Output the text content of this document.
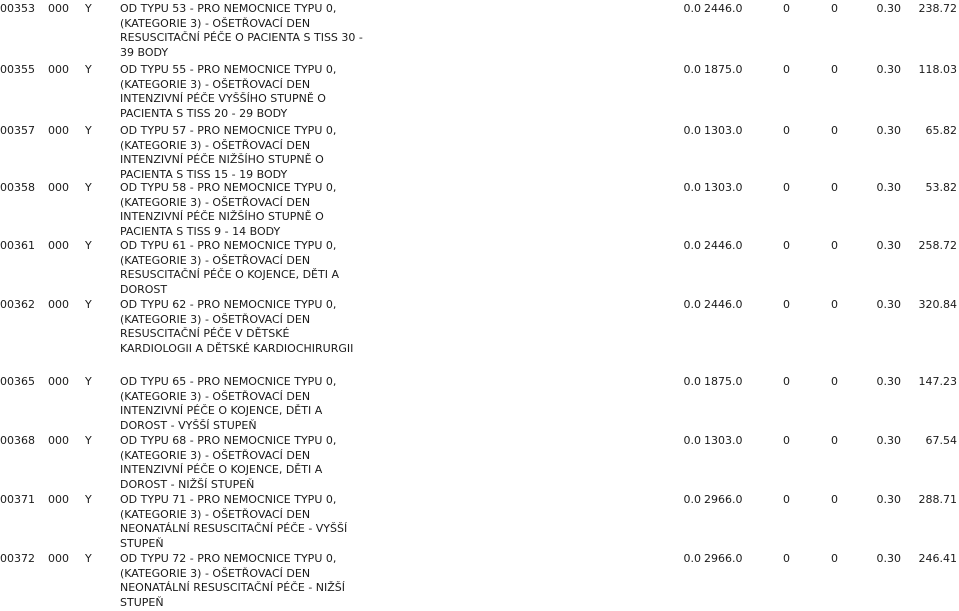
00353	000	Y	OD TYPU 53 - PRO NEMOCNICE TYPU 0,
(KATEGORIE 3) - OŠETŘOVACÍ DEN
RESUSCITAČNÍ PÉČE O PACIENTA S TISS 30 -
39 BODY
0.0 2446.0	0	0	0.30	238.72
00355	000	Y	OD TYPU 55 - PRO NEMOCNICE TYPU 0,
(KATEGORIE 3) - OŠETŘOVACÍ DEN
INTENZIVNÍ PÉČE VYŠŠÍHO STUPNĚ O
PACIENTA S TISS 20 - 29 BODY
0.0 1875.0	0	0	0.30	118.03
00357	000	Y	OD TYPU 57 - PRO NEMOCNICE TYPU 0,
(KATEGORIE 3) - OŠETŘOVACÍ DEN
INTENZIVNÍ PÉČE NIŽŠÍHO STUPNĚ O
PACIENTA S TISS 15 - 19 BODY
0.0 1303.0	0	0	0.30	65.82
00358	000	Y	OD TYPU 58 - PRO NEMOCNICE TYPU 0,
(KATEGORIE 3) - OŠETŘOVACÍ DEN
INTENZIVNÍ PÉČE NIŽŠÍHO STUPNĚ O
PACIENTA S TISS 9 - 14 BODY
0.0 1303.0	0	0	0.30	53.82
00361	000	Y	OD TYPU 61 - PRO NEMOCNICE TYPU 0,
(KATEGORIE 3) - OŠETŘOVACÍ DEN
RESUSCITAČNÍ PÉČE O KOJENCE, DĚTI A
DOROST
0.0 2446.0	0	0	0.30	258.72
00362	000	Y	OD TYPU 62 - PRO NEMOCNICE TYPU 0,
(KATEGORIE 3) - OŠETŘOVACÍ DEN
RESUSCITAČNÍ PÉČE V DĚTSKÉ
KARDIOLOGII A DĚTSKÉ KARDIOCHIRURGII
0.0 2446.0	0	0	0.30	320.84
00365	000	Y	OD TYPU 65 - PRO NEMOCNICE TYPU 0,
(KATEGORIE 3) - OŠETŘOVACÍ DEN
INTENZIVNÍ PÉČE O KOJENCE, DĚTI A
DOROST - VYŠŠÍ STUPEŇ
0.0 1875.0	0	0	0.30	147.23
00368	000	Y	OD TYPU 68 - PRO NEMOCNICE TYPU 0,
(KATEGORIE 3) - OŠETŘOVACÍ DEN
INTENZIVNÍ PÉČE O KOJENCE, DĚTI A
DOROST - NIŽŠÍ STUPEŇ
0.0 1303.0	0	0	0.30	67.54
00371	000	Y	OD TYPU 71 - PRO NEMOCNICE TYPU 0,
(KATEGORIE 3) - OŠETŘOVACÍ DEN
NEONATÁLNÍ RESUSCITAČNÍ PÉČE - VYŠŠÍ
STUPEŇ
0.0 2966.0	0	0	0.30	288.71
00372	000	Y	OD TYPU 72 - PRO NEMOCNICE TYPU 0,
(KATEGORIE 3) - OŠETŘOVACÍ DEN
NEONATÁLNÍ RESUSCITAČNÍ PÉČE - NIŽŠÍ
STUPEŇ
0.0 2966.0	0	0	0.30	246.41
